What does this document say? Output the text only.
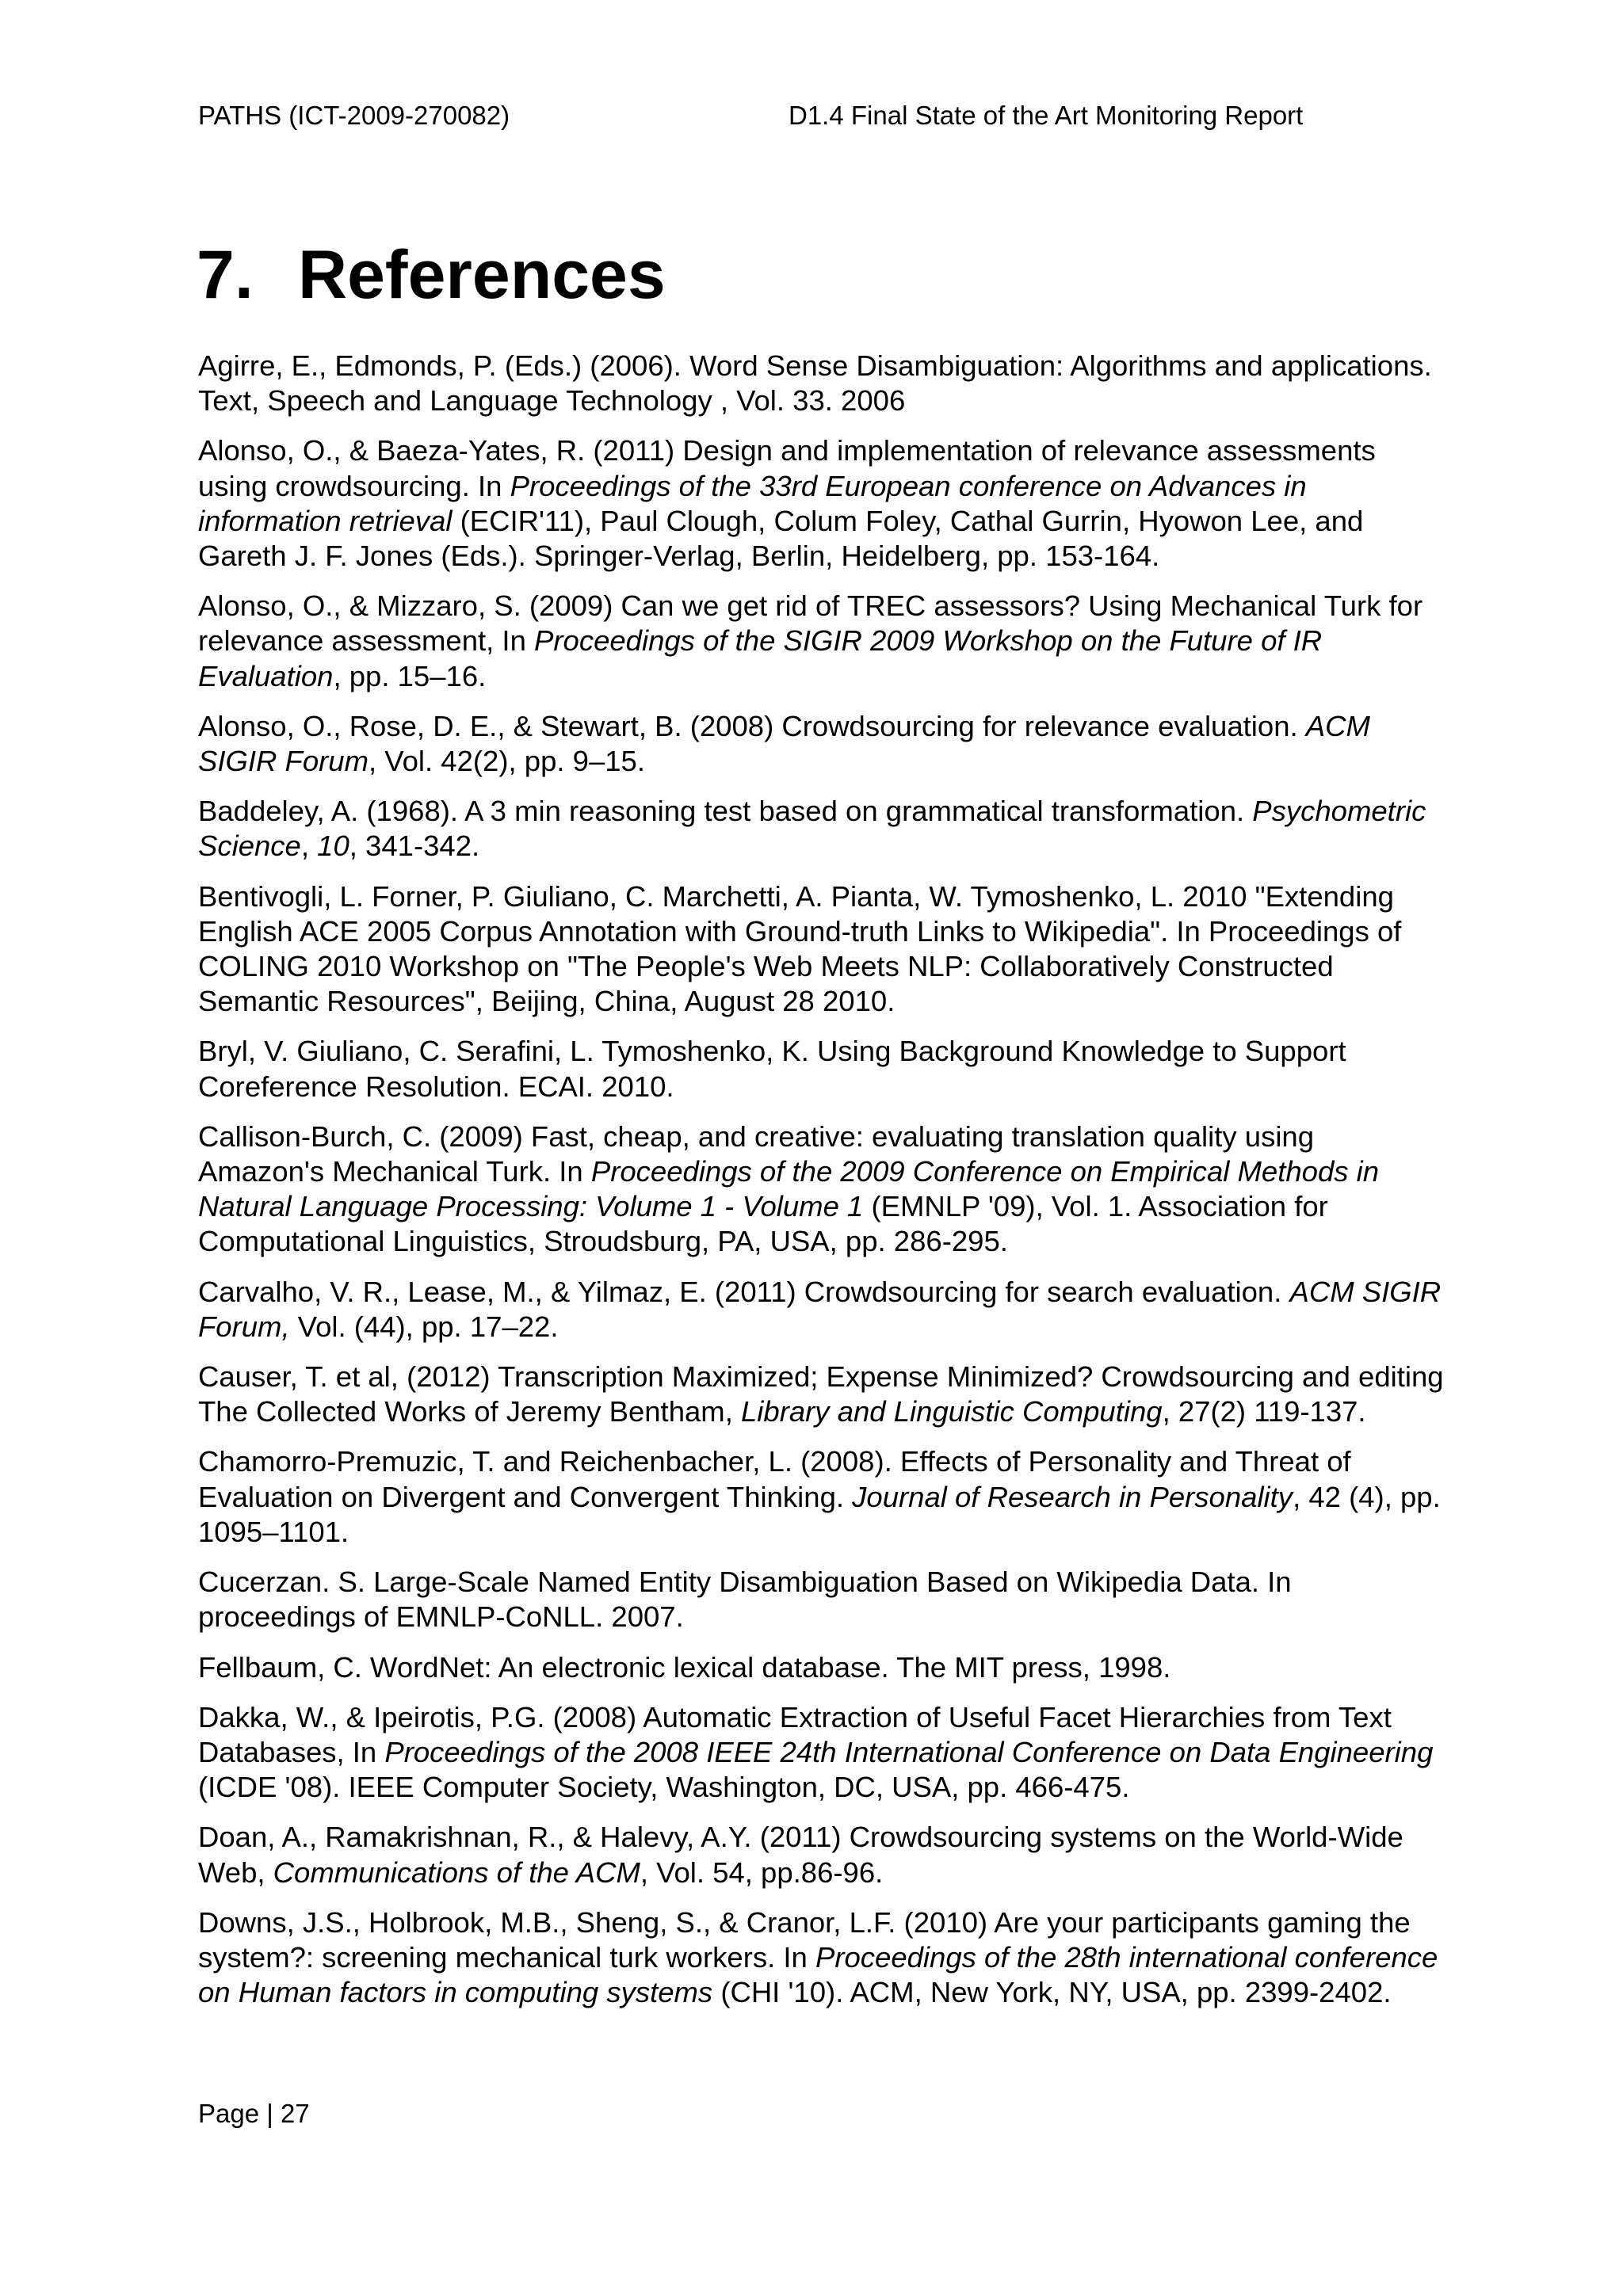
PATHS (ICT-2009-270082)	D1.4 Final State of the Art Monitoring Report
7. References
Agirre, E., Edmonds, P. (Eds.) (2006). Word Sense Disambiguation: Algorithms and applications. Text, Speech and Language Technology , Vol. 33. 2006
Alonso, O., & Baeza-Yates, R. (2011) Design and implementation of relevance assessments using crowdsourcing. In Proceedings of the 33rd European conference on Advances in information retrieval (ECIR'11), Paul Clough, Colum Foley, Cathal Gurrin, Hyowon Lee, and Gareth J. F. Jones (Eds.). Springer-Verlag, Berlin, Heidelberg, pp. 153-164.
Alonso, O., & Mizzaro, S. (2009) Can we get rid of TREC assessors? Using Mechanical Turk for relevance assessment, In Proceedings of the SIGIR 2009 Workshop on the Future of IR Evaluation, pp. 15–16.
Alonso, O., Rose, D. E., & Stewart, B. (2008) Crowdsourcing for relevance evaluation. ACM SIGIR Forum, Vol. 42(2), pp. 9–15.
Baddeley, A. (1968). A 3 min reasoning test based on grammatical transformation. Psychometric Science, 10, 341-342.
Bentivogli, L. Forner, P. Giuliano, C. Marchetti, A. Pianta, W. Tymoshenko, L. 2010 "Extending English ACE 2005 Corpus Annotation with Ground-truth Links to Wikipedia". In Proceedings of COLING 2010 Workshop on "The People's Web Meets NLP: Collaboratively Constructed Semantic Resources", Beijing, China, August 28 2010.
Bryl, V. Giuliano, C. Serafini, L. Tymoshenko, K. Using Background Knowledge to Support Coreference Resolution. ECAI. 2010.
Callison-Burch, C. (2009) Fast, cheap, and creative: evaluating translation quality using Amazon's Mechanical Turk. In Proceedings of the 2009 Conference on Empirical Methods in Natural Language Processing: Volume 1 - Volume 1 (EMNLP '09), Vol. 1. Association for Computational Linguistics, Stroudsburg, PA, USA, pp. 286-295.
Carvalho, V. R., Lease, M., & Yilmaz, E. (2011) Crowdsourcing for search evaluation. ACM SIGIR Forum, Vol. (44), pp. 17–22.
Causer, T. et al, (2012) Transcription Maximized; Expense Minimized? Crowdsourcing and editing The Collected Works of Jeremy Bentham, Library and Linguistic Computing, 27(2) 119-137.
Chamorro-Premuzic, T. and Reichenbacher, L. (2008). Effects of Personality and Threat of Evaluation on Divergent and Convergent Thinking. Journal of Research in Personality, 42 (4), pp. 1095–1101.
Cucerzan. S. Large-Scale Named Entity Disambiguation Based on Wikipedia Data. In proceedings of EMNLP-CoNLL. 2007.
Fellbaum, C. WordNet: An electronic lexical database. The MIT press, 1998.
Dakka, W., & Ipeirotis, P.G. (2008) Automatic Extraction of Useful Facet Hierarchies from Text Databases, In Proceedings of the 2008 IEEE 24th International Conference on Data Engineering (ICDE '08). IEEE Computer Society, Washington, DC, USA, pp. 466-475.
Doan, A., Ramakrishnan, R., & Halevy, A.Y. (2011) Crowdsourcing systems on the World-Wide Web, Communications of the ACM, Vol. 54, pp.86-96.
Downs, J.S., Holbrook, M.B., Sheng, S., & Cranor, L.F. (2010) Are your participants gaming the system?: screening mechanical turk workers. In Proceedings of the 28th international conference on Human factors in computing systems (CHI '10). ACM, New York, NY, USA, pp. 2399-2402.
Page | 27
